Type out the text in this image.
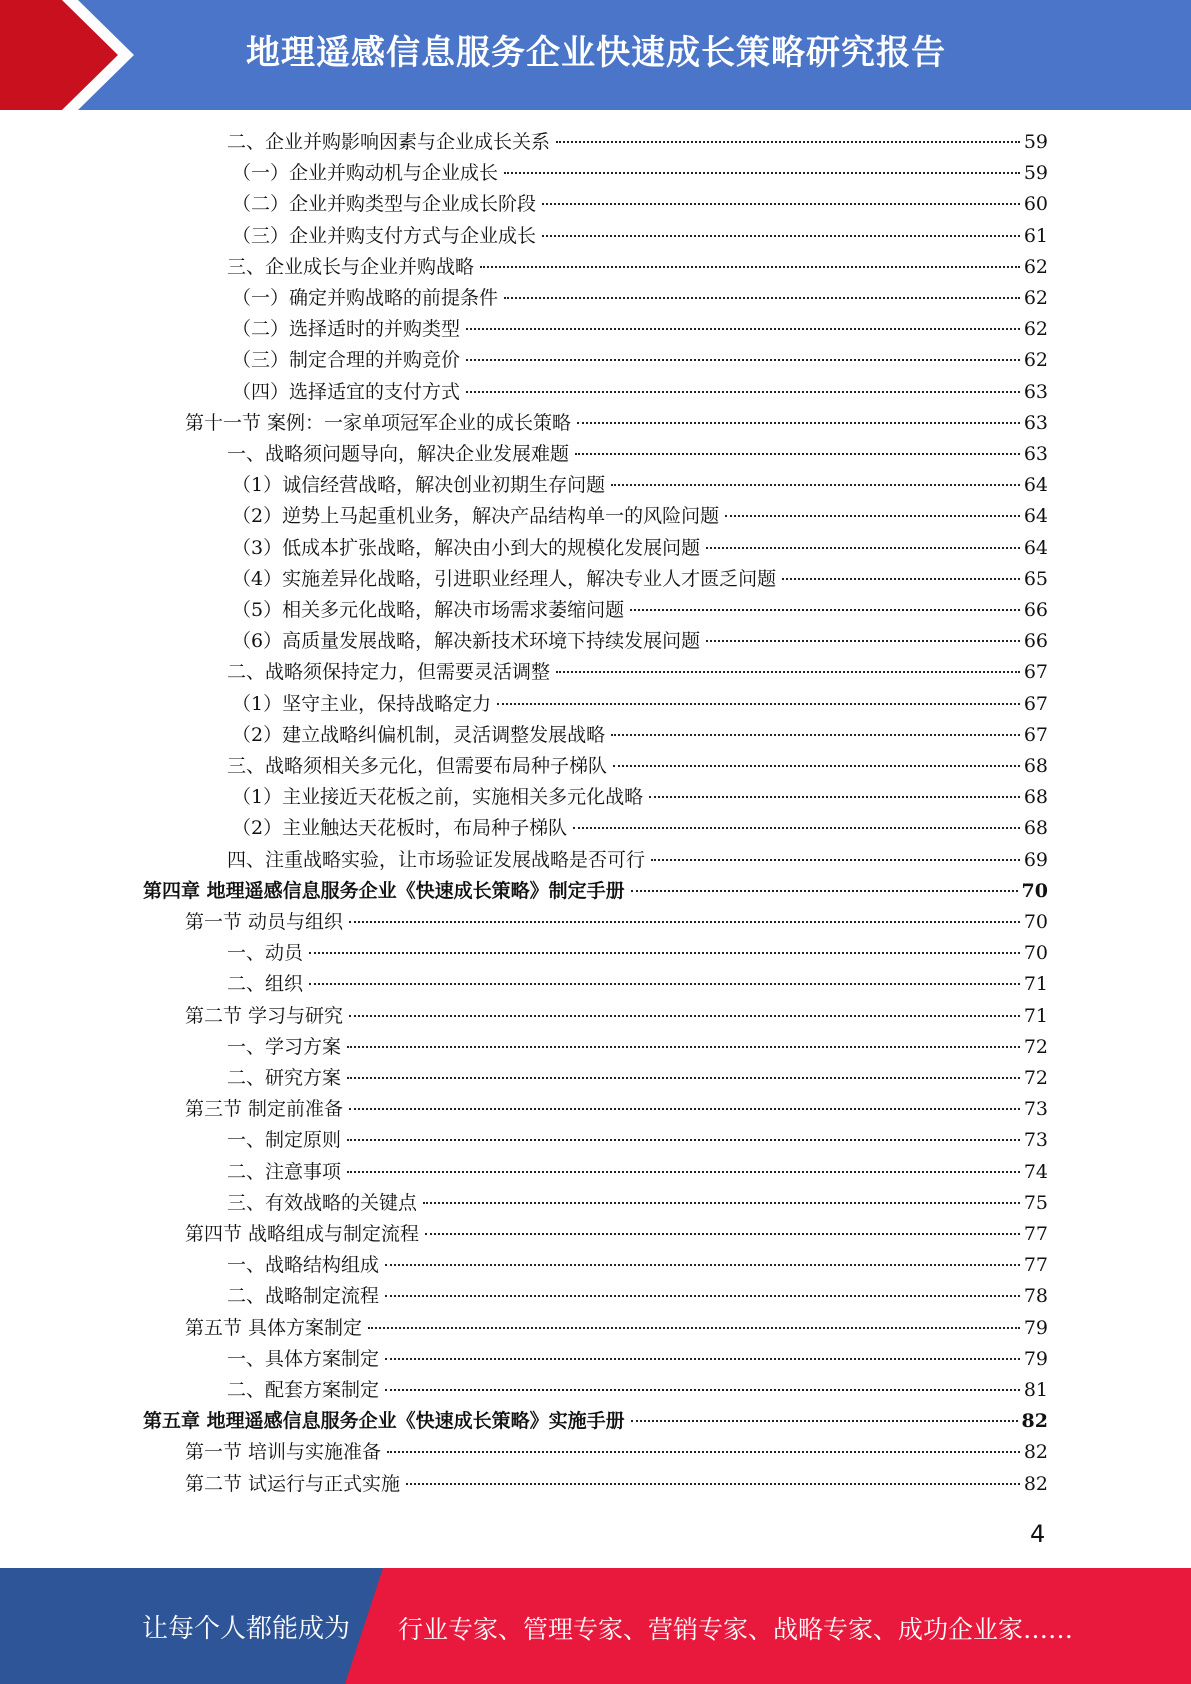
地理遥感信息服务企业快速成长策略研究报告
二、企业并购影响因素与企业成长关系	59
（一）企业并购动机与企业成长	59
（二）企业并购类型与企业成长阶段	60
（三）企业并购支付方式与企业成长	61
三、企业成长与企业并购战略	62
（一）确定并购战略的前提条件	62
（二）选择适时的并购类型	62
（三）制定合理的并购竞价	62
（四）选择适宜的支付方式	63
第十一节 案例：一家单项冠军企业的成长策略	63
一、战略须问题导向，解决企业发展难题	63
（1）诚信经营战略，解决创业初期生存问题	64
（2）逆势上马起重机业务，解决产品结构单一的风险问题	64
（3）低成本扩张战略，解决由小到大的规模化发展问题	64
（4）实施差异化战略，引进职业经理人，解决专业人才匮乏问题	65
（5）相关多元化战略，解决市场需求萎缩问题	66
（6）高质量发展战略，解决新技术环境下持续发展问题	66
二、战略须保持定力，但需要灵活调整	67
（1）坚守主业，保持战略定力	67
（2）建立战略纠偏机制，灵活调整发展战略	67
三、战略须相关多元化，但需要布局种子梯队	68
（1）主业接近天花板之前，实施相关多元化战略	68
（2）主业触达天花板时，布局种子梯队	68
四、注重战略实验，让市场验证发展战略是否可行	69
第四章 地理遥感信息服务企业《快速成长策略》制定手册	70
第一节 动员与组织	70
一、动员	70
二、组织	71
第二节 学习与研究	71
一、学习方案	72
二、研究方案	72
第三节 制定前准备	73
一、制定原则	73
二、注意事项	74
三、有效战略的关键点	75
第四节 战略组成与制定流程	77
一、战略结构组成	77
二、战略制定流程	78
第五节 具体方案制定	79
一、具体方案制定	79
二、配套方案制定	81
第五章 地理遥感信息服务企业《快速成长策略》实施手册	82
第一节 培训与实施准备	82
第二节 试运行与正式实施	82
4
让每个人都能成为 行业专家、管理专家、营销专家、战略专家、成功企业家……
